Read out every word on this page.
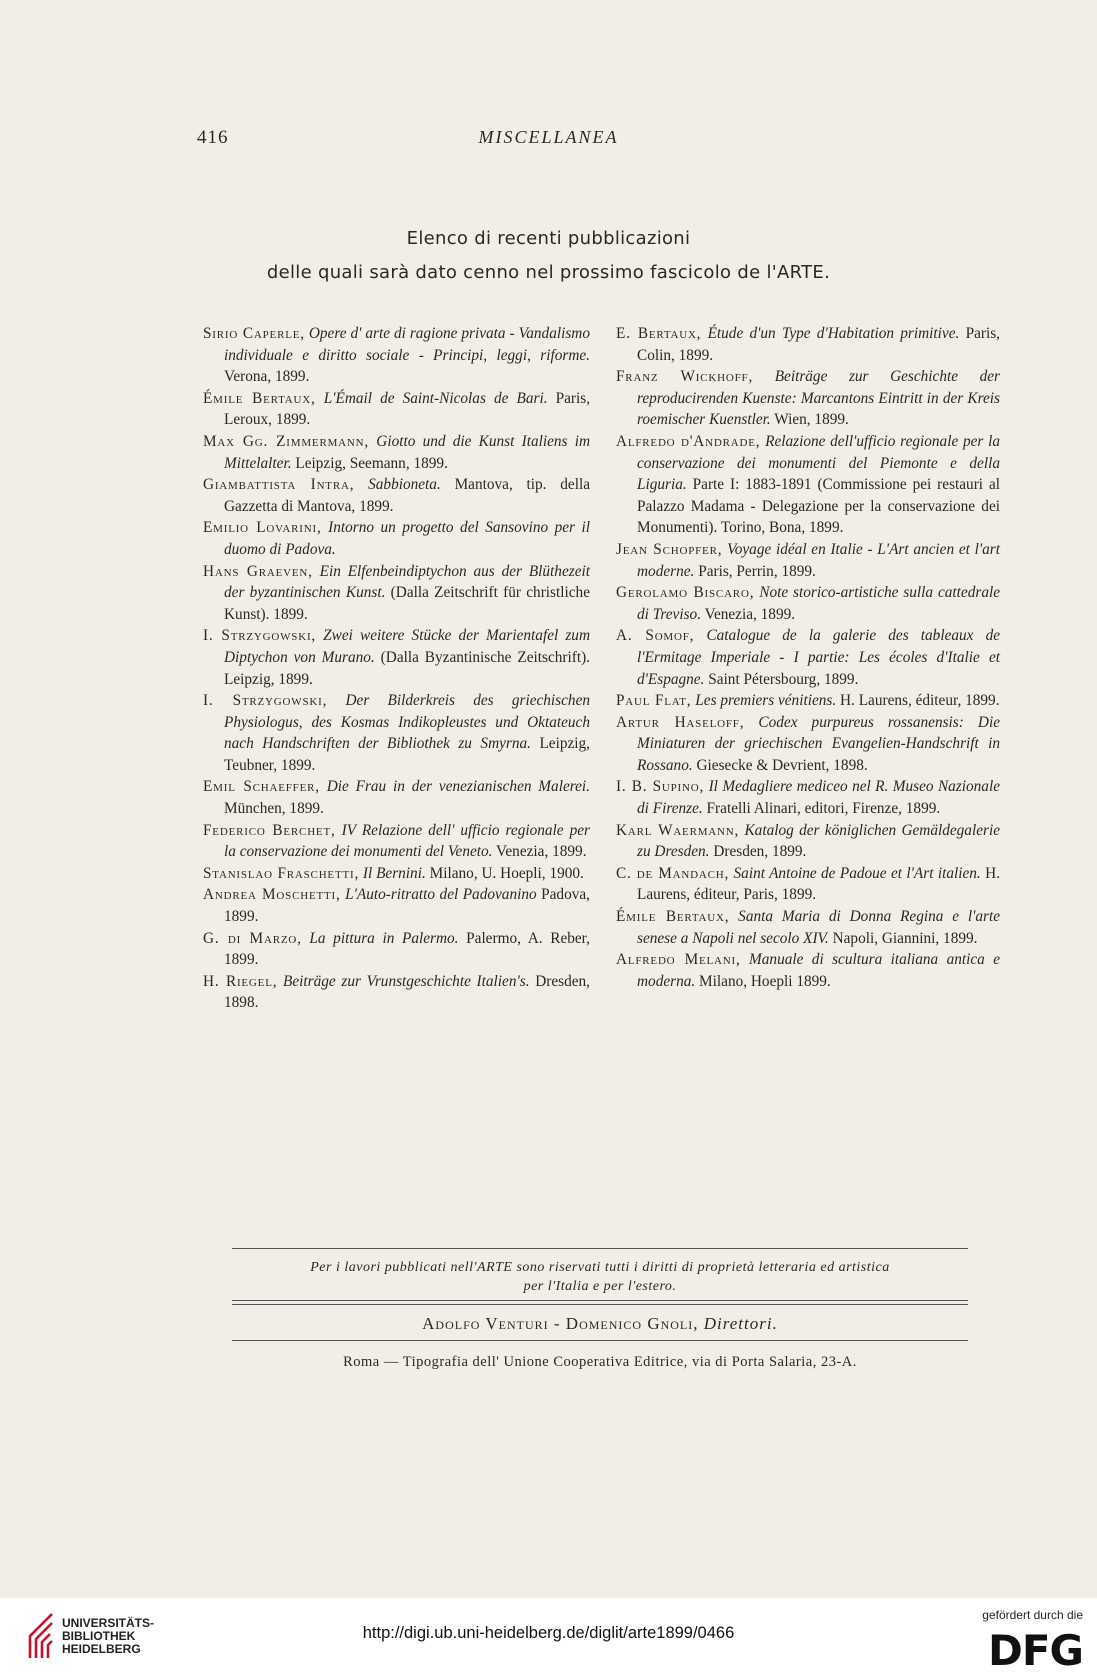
416	MISCELLANEA
Elenco di recenti pubblicazioni
delle quali sarà dato cenno nel prossimo fascicolo de l'ARTE.

Sirio Caperle, Opere d' arte di ragione privata - Vandalismo individuale e diritto sociale - Principi, leggi, riforme. Verona, 1899.

Émile Bertaux, L'Émail de Saint-Nicolas de Bari. Paris, Leroux, 1899.

Max Gg. Zimmermann, Giotto und die Kunst Italiens im Mittelalter. Leipzig, Seemann, 1899.

Giambattista Intra, Sabbioneta. Mantova, tip. della Gazzetta di Mantova, 1899.

Emilio Lovarini, Intorno un progetto del Sansovino per il duomo di Padova.

Hans Graeven, Ein Elfenbeindiptychon aus der Blüthezeit der byzantinischen Kunst. (Dalla Zeitschrift für christliche Kunst). 1899.

I. Strzygowski, Zwei weitere Stücke der Marientafel zum Diptychon von Murano. (Dalla Byzantinische Zeitschrift). Leipzig, 1899.

I. Strzygowski, Der Bilderkreis des griechischen Physiologus, des Kosmas Indikopleustes und Oktateuch nach Handschriften der Bibliothek zu Smyrna. Leipzig, Teubner, 1899.

Emil Schaeffer, Die Frau in der venezianischen Malerei. München, 1899.

Federico Berchet, IV Relazione dell' ufficio regionale per la conservazione dei monumenti del Veneto. Venezia, 1899.

Stanislao Fraschetti, Il Bernini. Milano, U. Hoepli, 1900.

Andrea Moschetti, L'Auto-ritratto del Padovanino Padova, 1899.

G. di Marzo, La pittura in Palermo. Palermo, A. Reber, 1899.

H. Riegel, Beiträge zur Vrunstgeschichte Italien's. Dresden, 1898.

E. Bertaux, Étude d'un Type d'Habitation primitive. Paris, Colin, 1899.

Franz Wickhoff, Beiträge zur Geschichte der reproducirenden Kuenste: Marcantons Eintritt in der Kreis roemischer Kuenstler. Wien, 1899.

Alfredo d'Andrade, Relazione dell'ufficio regionale per la conservazione dei monumenti del Piemonte e della Liguria. Parte I: 1883-1891 (Commissione pei restauri al Palazzo Madama - Delegazione per la conservazione dei Monumenti). Torino, Bona, 1899.

Jean Schopfer, Voyage idéal en Italie - L'Art ancien et l'art moderne. Paris, Perrin, 1899.

Gerolamo Biscaro, Note storico-artistiche sulla cattedrale di Treviso. Venezia, 1899.

A. Somof, Catalogue de la galerie des tableaux de l'Ermitage Imperiale - I partie: Les écoles d'Italie et d'Espagne. Saint Pétersbourg, 1899.

Paul Flat, Les premiers vénitiens. H. Laurens, éditeur, 1899.

Artur Haseloff, Codex purpureus rossanensis: Die Miniaturen der griechischen Evangelien-Handschrift in Rossano. Giesecke & Devrient, 1898.

I. B. Supino, Il Medagliere mediceo nel R. Museo Nazionale di Firenze. Fratelli Alinari, editori, Firenze, 1899.

Karl Waermann, Katalog der königlichen Gemäldegalerie zu Dresden. Dresden, 1899.

C. de Mandach, Saint Antoine de Padoue et l'Art italien. H. Laurens, éditeur, Paris, 1899.

Émile Bertaux, Santa Maria di Donna Regina e l'arte senese a Napoli nel secolo XIV. Napoli, Giannini, 1899.

Alfredo Melani, Manuale di scultura italiana antica e moderna. Milano, Hoepli 1899.

Per i lavori pubblicati nell'ARTE sono riservati tutti i diritti di proprietà letteraria ed artistica
per l'Italia e per l'estero.
Adolfo Venturi - Domenico Gnoli, Direttori.
Roma — Tipografia dell' Unione Cooperativa Editrice, via di Porta Salaria, 23-A.
UNIVERSITÄTS-
BIBLIOTHEK
HEIDELBERG
http://digi.ub.uni-heidelberg.de/diglit/arte1899/0466
gefördert durch die
DFG
